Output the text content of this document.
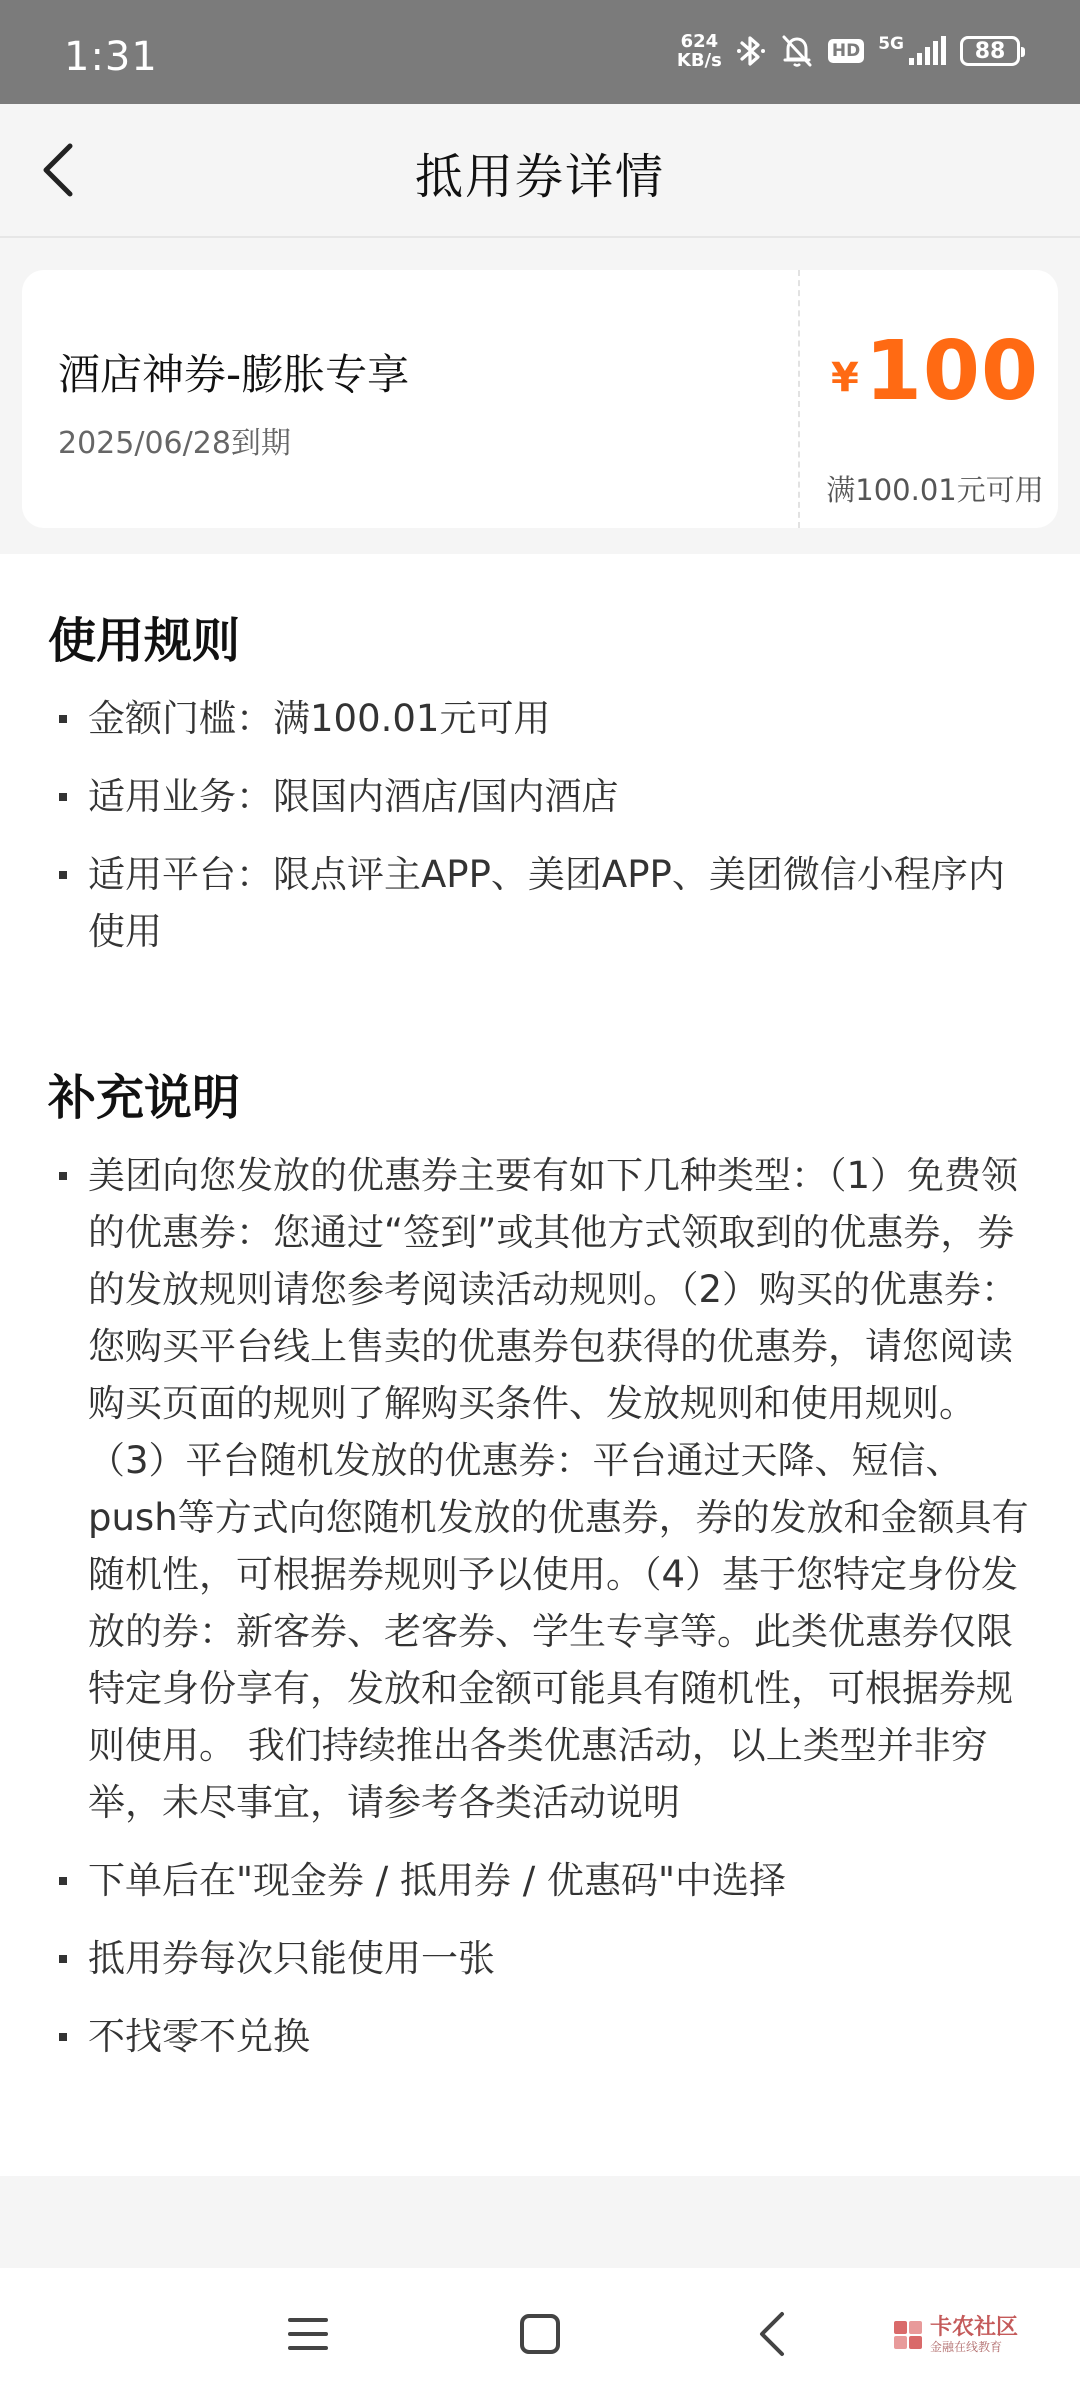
1:31	624
KB/s	HD 5G	88
抵用券详情
酒店神券-膨胀专享
2025/06/28到期
¥100
满100.01元可用
使用规则
金额门槛：满100.01元可用
适用业务：限国内酒店/国内酒店
适用平台：限点评主APP、美团APP、美团微信小程序内使用
补充说明
美团向您发放的优惠券主要有如下几种类型：（1）免费领的优惠券：您通过“签到”或其他方式领取到的优惠券，券的发放规则请您参考阅读活动规则。（2）购买的优惠券：您购买平台线上售卖的优惠券包获得的优惠券，请您阅读购买页面的规则了解购买条件、发放规则和使用规则。（3）平台随机发放的优惠券：平台通过天降、短信、push等方式向您随机发放的优惠券，券的发放和金额具有随机性，可根据券规则予以使用。（4）基于您特定身份发放的券：新客券、老客券、学生专享等。此类优惠券仅限特定身份享有，发放和金额可能具有随机性，可根据券规则使用。 我们持续推出各类优惠活动，以上类型并非穷举，未尽事宜，请参考各类活动说明
下单后在"现金券 / 抵用券 / 优惠码"中选择
抵用券每次只能使用一张
不找零不兑换
卡农社区
金融在线教育
